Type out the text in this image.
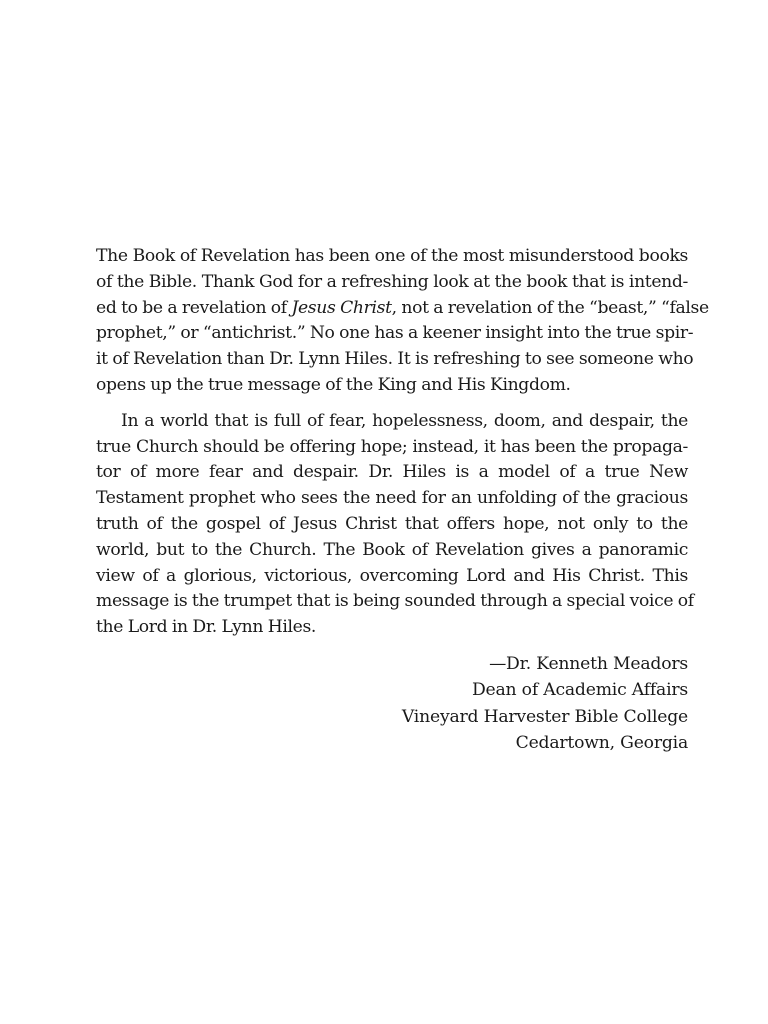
The Book of Revelation has been one of the most misunderstood books
of the Bible. Thank God for a refreshing look at the book that is intend-
ed to be a revelation of Jesus Christ, not a revelation of the “beast,” “false
prophet,” or “antichrist.” No one has a keener insight into the true spir-
it of Revelation than Dr. Lynn Hiles. It is refreshing to see someone who
opens up the true message of the King and His Kingdom.

In a world that is full of fear, hopelessness, doom, and despair, the
true Church should be offering hope; instead, it has been the propaga-
tor of more fear and despair. Dr. Hiles is a model of a true New
Testament prophet who sees the need for an unfolding of the gracious
truth of the gospel of Jesus Christ that offers hope, not only to the
world, but to the Church. The Book of Revelation gives a panoramic
view of a glorious, victorious, overcoming Lord and His Christ. This
message is the trumpet that is being sounded through a special voice of
the Lord in Dr. Lynn Hiles.

—Dr. Kenneth Meadors
Dean of Academic Affairs
Vineyard Harvester Bible College
Cedartown, Georgia
